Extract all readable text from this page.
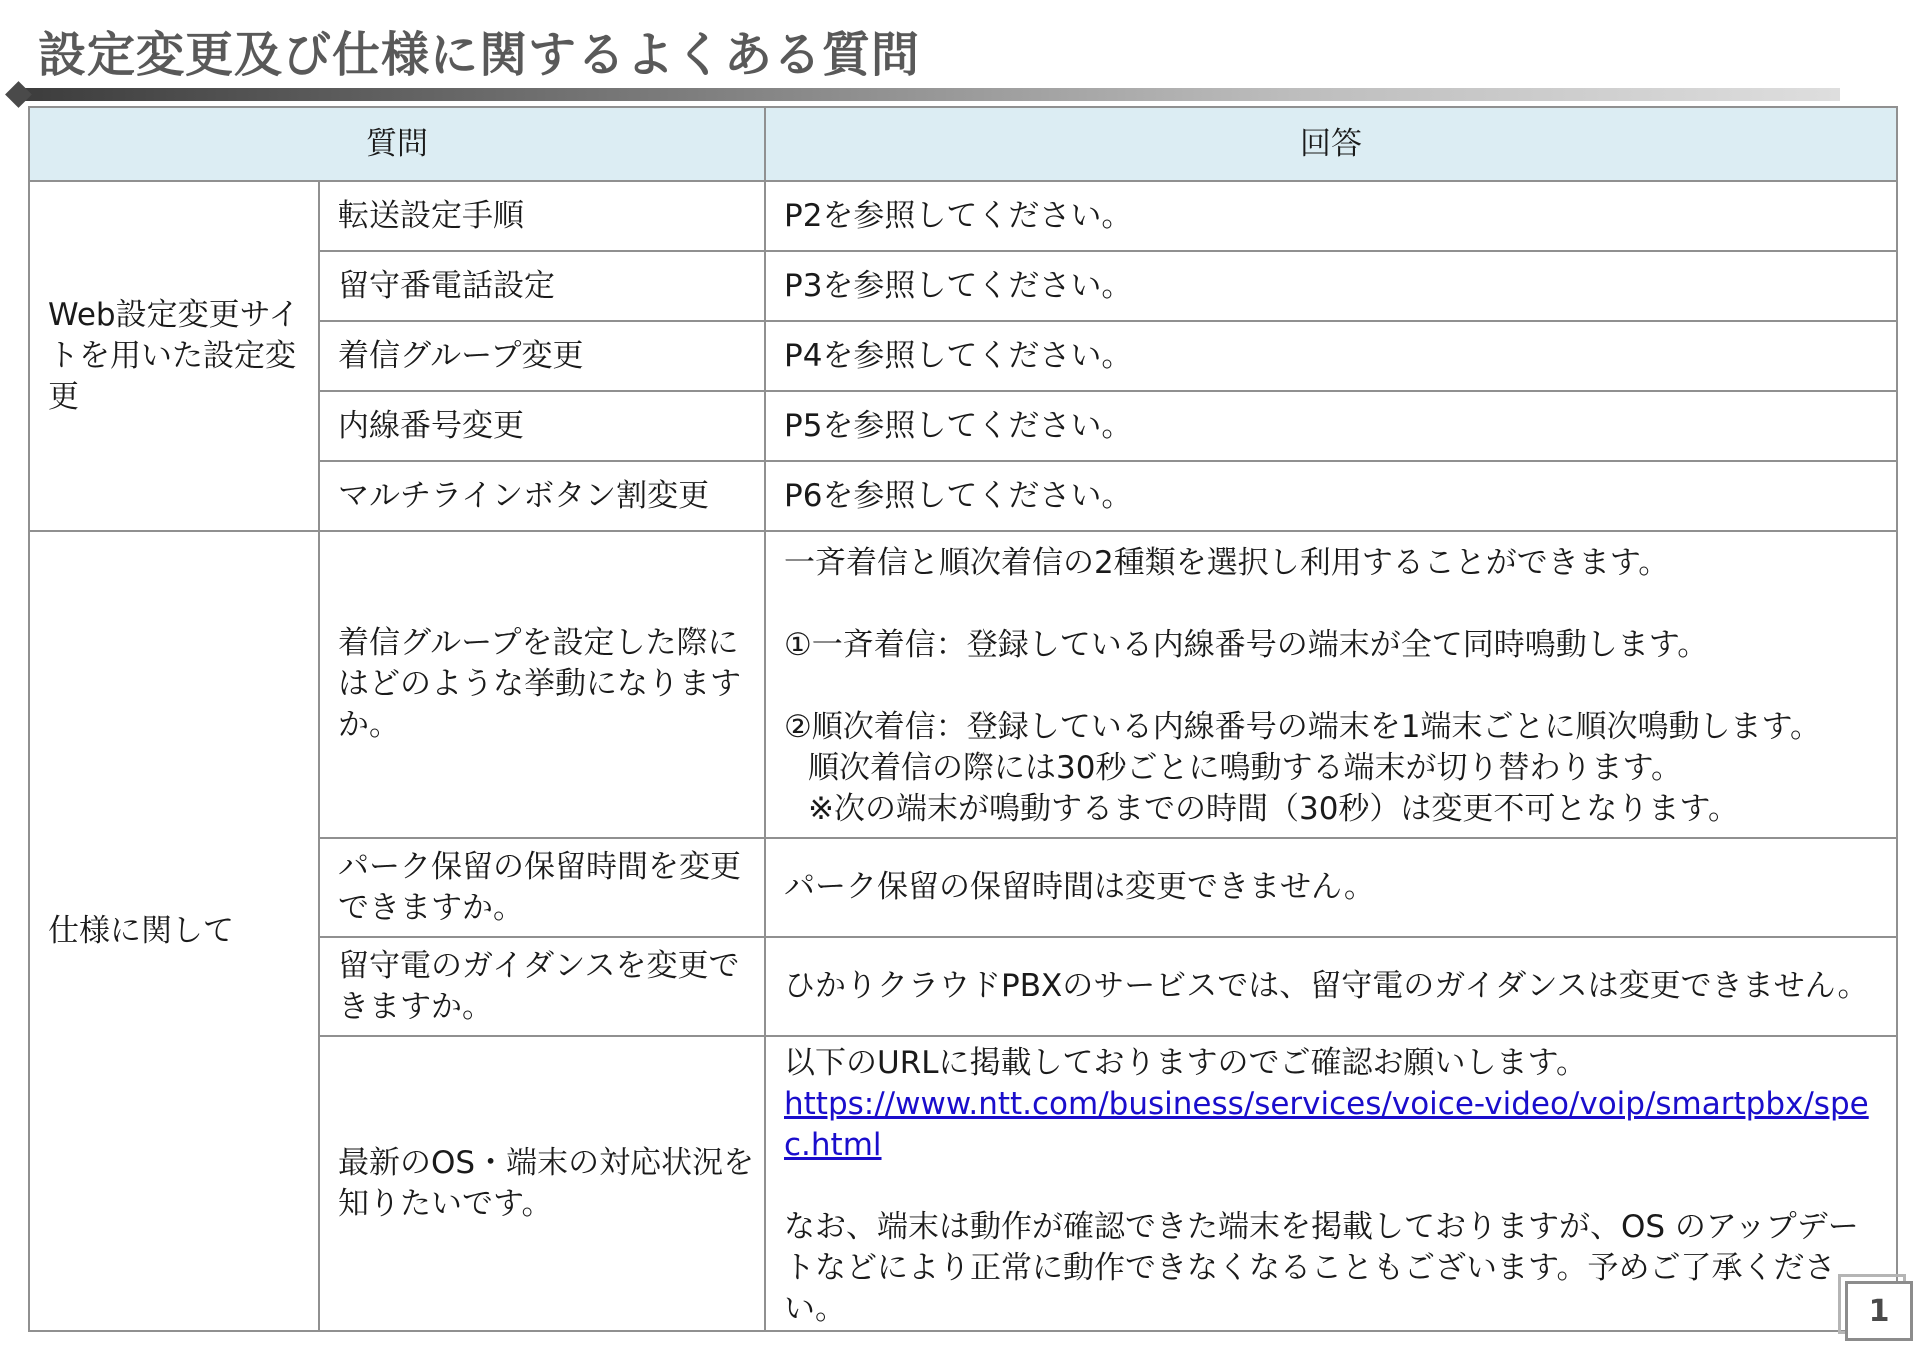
設定変更及び仕様に関するよくある質問
質問		回答
Web設定変更サイトを用いた設定変更	転送設定手順	P2を参照してください。
	留守番電話設定	P3を参照してください。
	着信グループ変更	P4を参照してください。
	内線番号変更	P5を参照してください。
	マルチラインボタン割変更	P6を参照してください。
仕様に関して	着信グループを設定した際にはどのような挙動になりますか。	一斉着信と順次着信の2種類を選択し利用することができます。
①一斉着信：登録している内線番号の端末が全て同時鳴動します。
②順次着信：登録している内線番号の端末を1端末ごとに順次鳴動します。
順次着信の際には30秒ごとに鳴動する端末が切り替わります。
※次の端末が鳴動するまでの時間（30秒）は変更不可となります。

	パーク保留の保留時間を変更できますか。	パーク保留の保留時間は変更できません。
	留守電のガイダンスを変更できますか。	ひかりクラウドPBXのサービスでは、留守電のガイダンスは変更できません。
	最新のOS・端末の対応状況を知りたいです。	以下のURLに掲載しておりますのでご確認お願いします。
https://www.ntt.com/business/services/voice-video/voip/smartpbx/spec.html
なお、端末は動作が確認できた端末を掲載しておりますが、OS のアップデートなどにより正常に動作できなくなることもございます。予めご了承ください。	1
